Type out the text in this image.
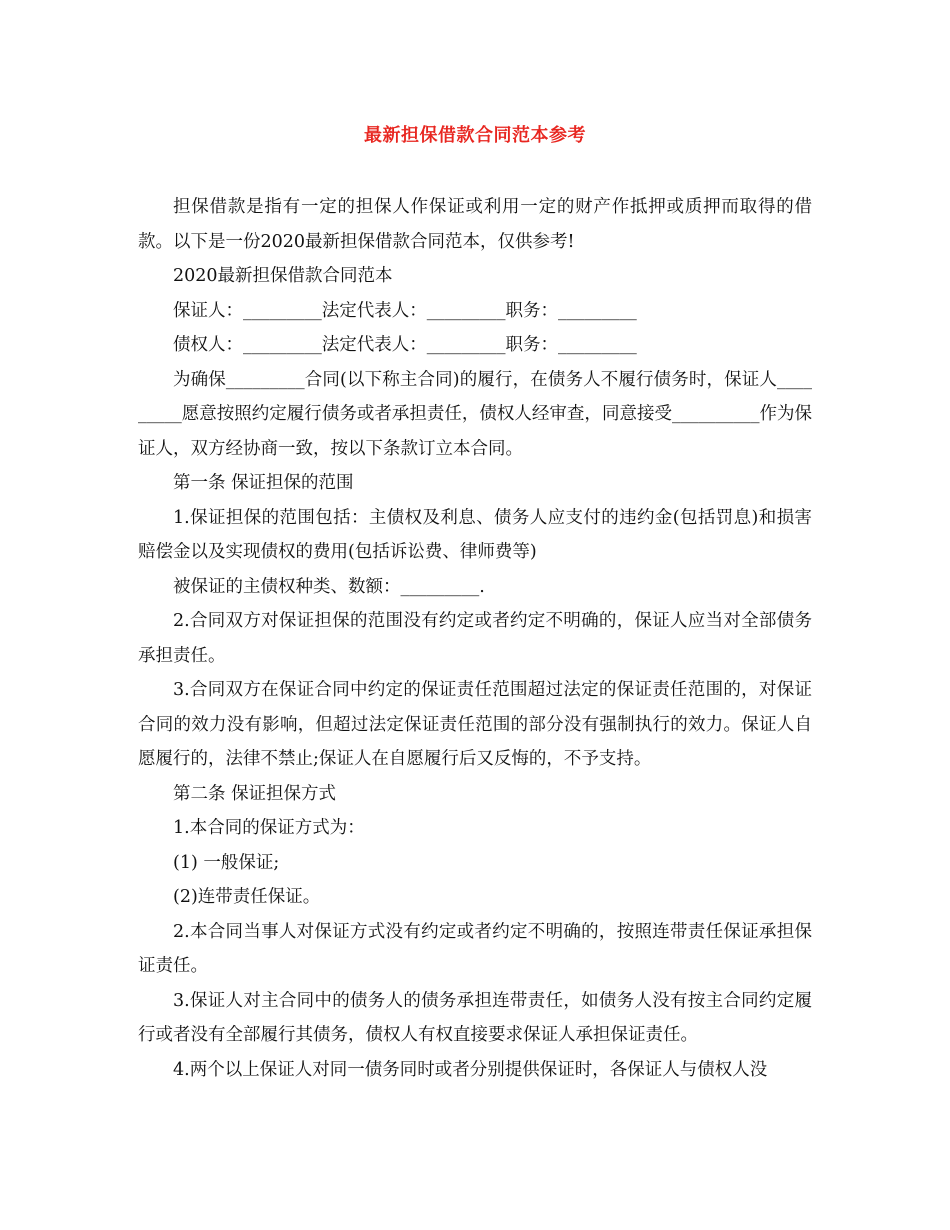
最新担保借款合同范本参考

担保借款是指有一定的担保人作保证或利用一定的财产作抵押或质押而取得的借款。以下是一份2020最新担保借款合同范本，仅供参考!

2020最新担保借款合同范本

保证人：_________法定代表人：_________职务：_________

债权人：_________法定代表人：_________职务：_________

为确保_________合同(以下称主合同)的履行，在债务人不履行债务时，保证人_________愿意按照约定履行债务或者承担责任，债权人经审查，同意接受__________作为保证人，双方经协商一致，按以下条款订立本合同。

第一条 保证担保的范围

1.保证担保的范围包括：主债权及利息、债务人应支付的违约金(包括罚息)和损害赔偿金以及实现债权的费用(包括诉讼费、律师费等)

被保证的主债权种类、数额：_________.

2.合同双方对保证担保的范围没有约定或者约定不明确的，保证人应当对全部债务承担责任。

3.合同双方在保证合同中约定的保证责任范围超过法定的保证责任范围的，对保证合同的效力没有影响，但超过法定保证责任范围的部分没有强制执行的效力。保证人自愿履行的，法律不禁止;保证人在自愿履行后又反悔的，不予支持。

第二条 保证担保方式

1.本合同的保证方式为：

(1) 一般保证;

(2)连带责任保证。

2.本合同当事人对保证方式没有约定或者约定不明确的，按照连带责任保证承担保证责任。

3.保证人对主合同中的债务人的债务承担连带责任，如债务人没有按主合同约定履行或者没有全部履行其债务，债权人有权直接要求保证人承担保证责任。

4.两个以上保证人对同一债务同时或者分别提供保证时，各保证人与债权人没
